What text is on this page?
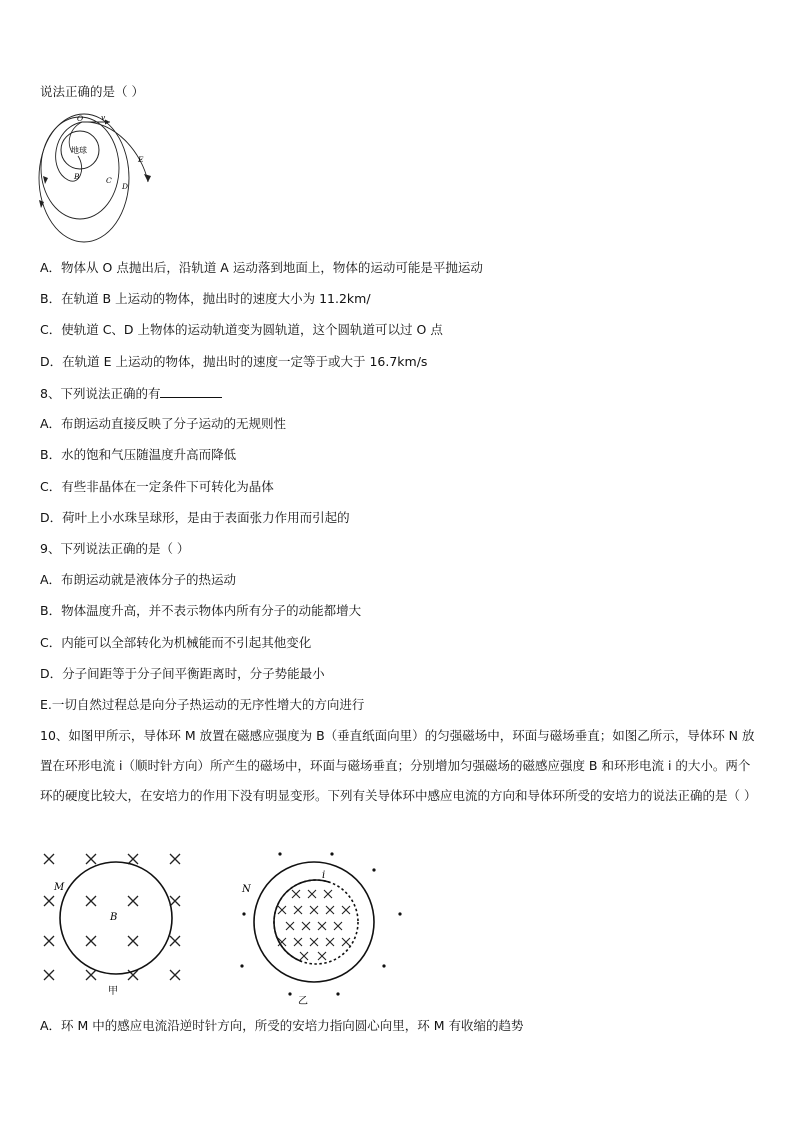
说法正确的是（ ）
地球
O v
B	C
D
E
A．物体从 O 点抛出后，沿轨道 A 运动落到地面上，物体的运动可能是平抛运动
B．在轨道 B 上运动的物体，抛出时的速度大小为 11.2km/
C．使轨道 C、D 上物体的运动轨道变为圆轨道，这个圆轨道可以过 O 点
D．在轨道 E 上运动的物体，抛出时的速度一定等于或大于 16.7km/s
8、下列说法正确的有
A．布朗运动直接反映了分子运动的无规则性
B．水的饱和气压随温度升高而降低
C．有些非晶体在一定条件下可转化为晶体
D．荷叶上小水珠呈球形，是由于表面张力作用而引起的
9、下列说法正确的是（ ）
A．布朗运动就是液体分子的热运动
B．物体温度升高，并不表示物体内所有分子的动能都增大
C．内能可以全部转化为机械能而不引起其他变化
D．分子间距等于分子间平衡距离时，分子势能最小
E.一切自然过程总是向分子热运动的无序性增大的方向进行
10、如图甲所示，导体环 M 放置在磁感应强度为 B（垂直纸面向里）的匀强磁场中，环面与磁场垂直；如图乙所示，导体环 N 放置在环形电流 i（顺时针方向）所产生的磁场中，环面与磁场垂直；分别增加匀强磁场的磁感应强度 B 和环形电流 i 的大小。两个环的硬度比较大，在安培力的作用下没有明显变形。下列有关导体环中感应电流的方向和导体环所受的安培力的说法正确的是（ ）
M
B
甲
N
i
乙
A．环 M 中的感应电流沿逆时针方向，所受的安培力指向圆心向里，环 M 有收缩的趋势
